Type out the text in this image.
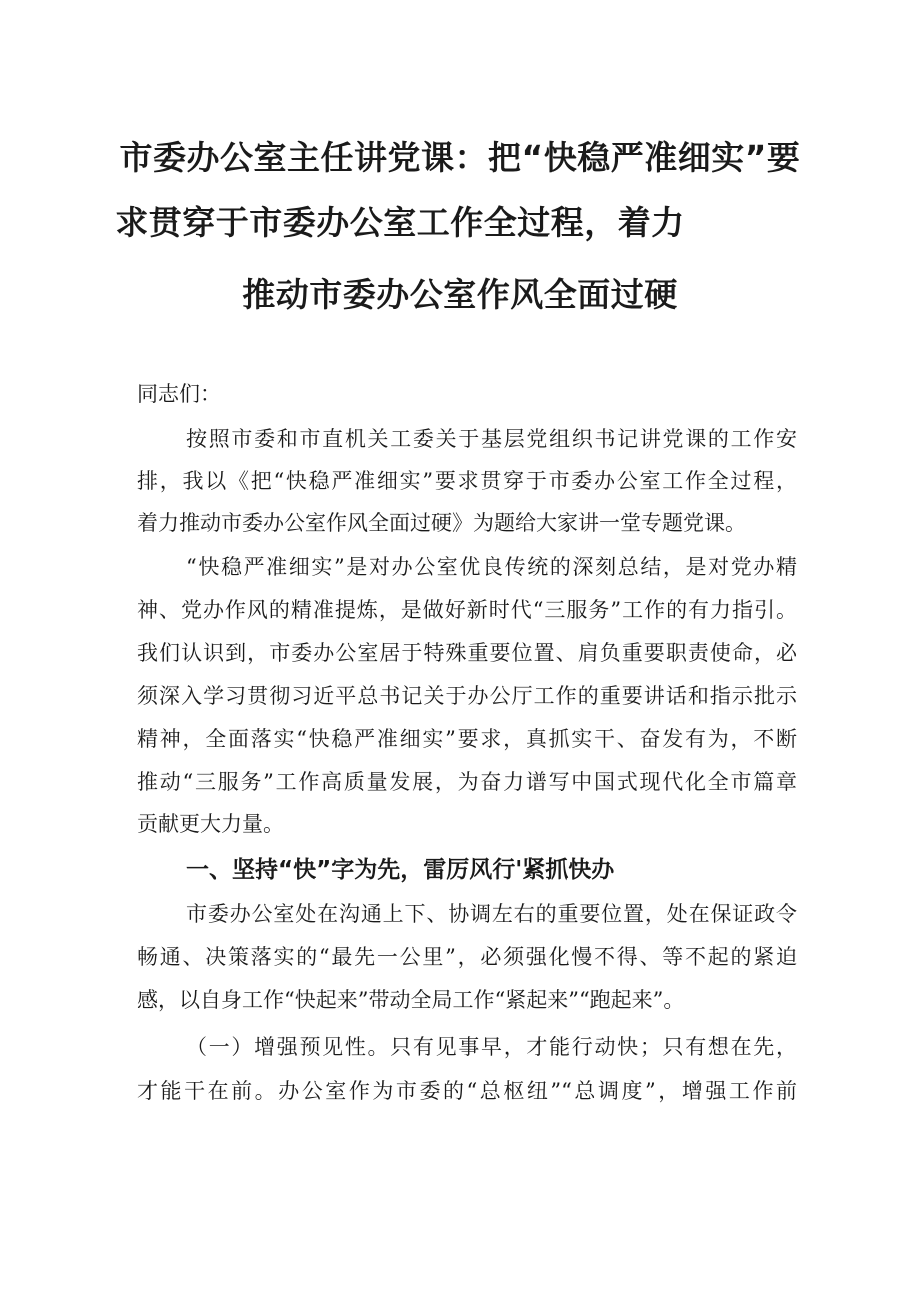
市委办公室主任讲党课：把“快稳严准细实”要
求贯穿于市委办公室工作全过程，着力
推动市委办公室作风全面过硬
同志们：
按照市委和市直机关工委关于基层党组织书记讲党课的工作安
排，我以《把“快稳严准细实”要求贯穿于市委办公室工作全过程，
着力推动市委办公室作风全面过硬》为题给大家讲一堂专题党课。
“快稳严准细实”是对办公室优良传统的深刻总结，是对党办精
神、党办作风的精准提炼，是做好新时代“三服务”工作的有力指引。
我们认识到，市委办公室居于特殊重要位置、肩负重要职责使命，必
须深入学习贯彻习近平总书记关于办公厅工作的重要讲话和指示批示
精神，全面落实“快稳严准细实”要求，真抓实干、奋发有为，不断
推动“三服务”工作高质量发展，为奋力谱写中国式现代化全市篇章
贡献更大力量。
一、坚持“快”字为先，雷厉风行'紧抓快办
市委办公室处在沟通上下、协调左右的重要位置，处在保证政令
畅通、决策落实的“最先一公里”，必须强化慢不得、等不起的紧迫
感，以自身工作“快起来”带动全局工作“紧起来”“跑起来”。
（一）增强预见性。只有见事早，才能行动快；只有想在先，
才能干在前。办公室作为市委的“总枢纽”“总调度”，增强工作前
